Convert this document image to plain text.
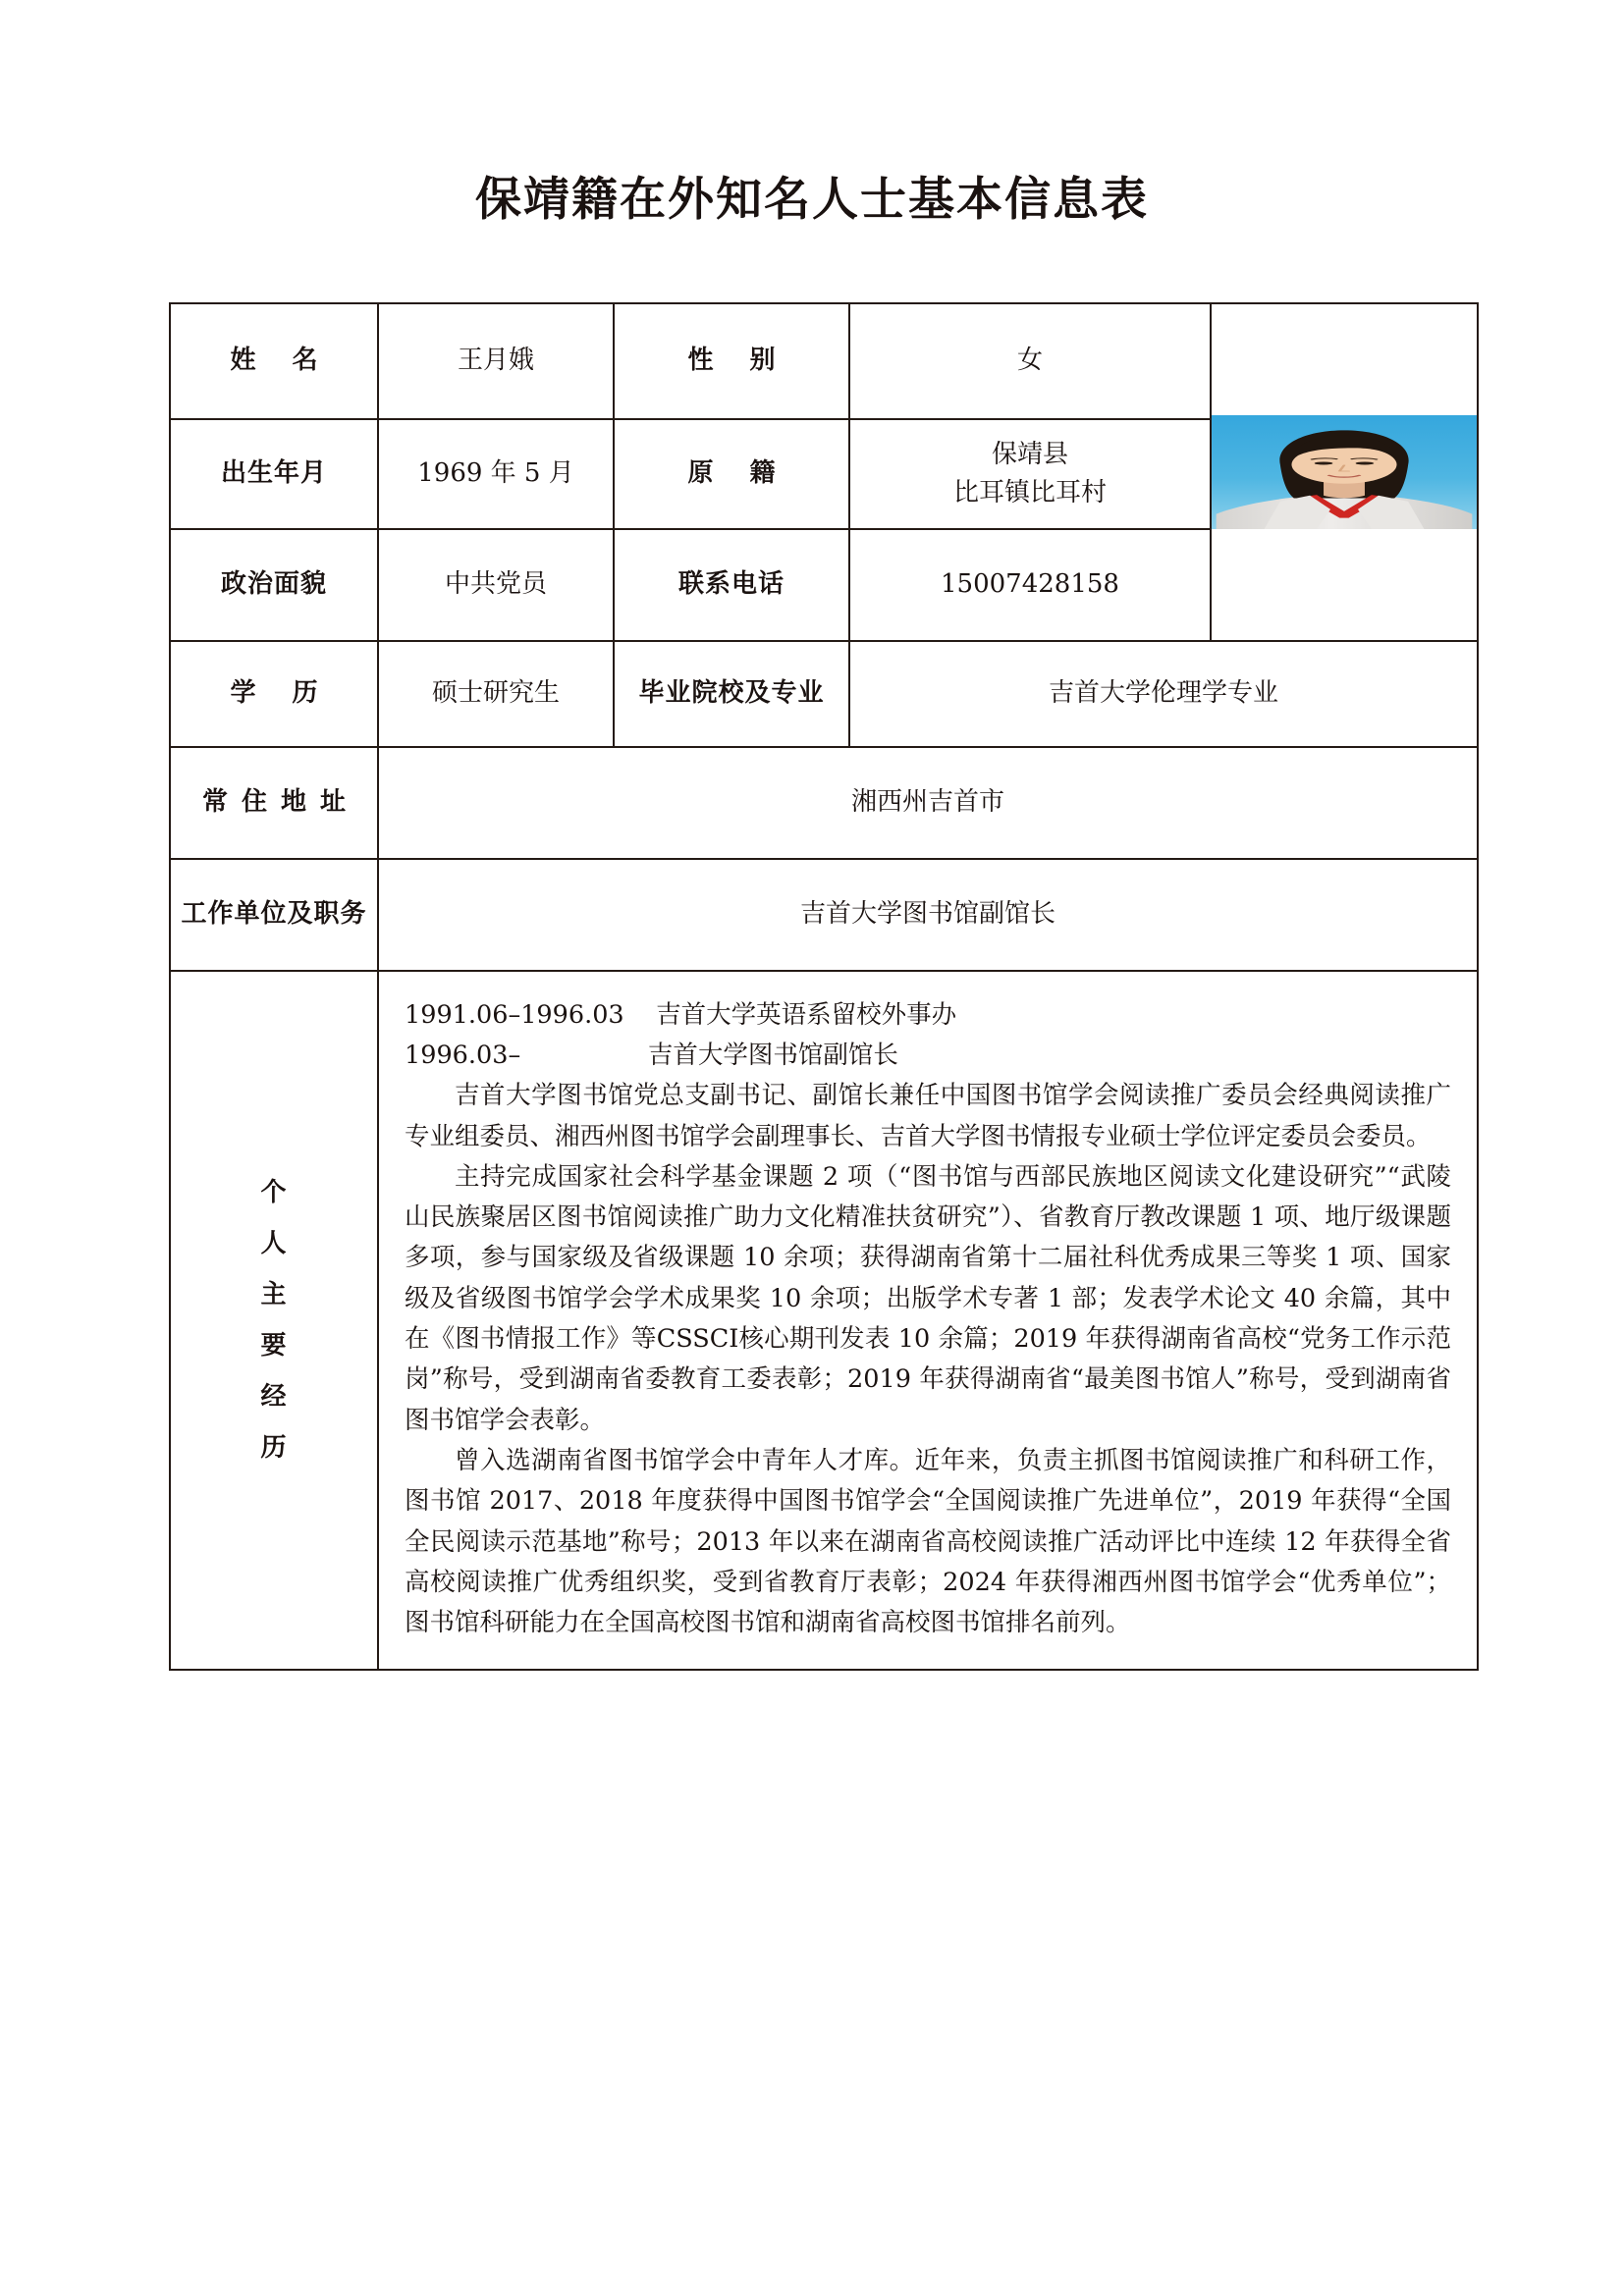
保靖籍在外知名人士基本信息表
姓 名	王月娥	性 别	女	

出生年月	1969 年 5 月	原 籍	保靖县
比耳镇比耳村	

政治面貌	中共党员	联系电话	15007428158	
学 历	硕士研究生	毕业院校及专业	吉首大学伦理学专业	
常住地址	湘西州吉首市			
工作单位及职务	吉首大学图书馆副馆长			

个
人
主
要
经
历

1991.06–1996.03    吉首大学英语系留校外事办
1996.03–                吉首大学图书馆副馆长

吉首大学图书馆党总支副书记、副馆长兼任中国图书馆学会阅读推广委员会经典阅读推广专业组委员、湘西州图书馆学会副理事长、吉首大学图书情报专业硕士学位评定委员会委员。

主持完成国家社会科学基金课题 2 项（“图书馆与西部民族地区阅读文化建设研究”“武陵山民族聚居区图书馆阅读推广助力文化精准扶贫研究”）、省教育厅教改课题 1 项、地厅级课题多项，参与国家级及省级课题 10 余项；获得湖南省第十二届社科优秀成果三等奖 1 项、国家级及省级图书馆学会学术成果奖 10 余项；出版学术专著 1 部；发表学术论文 40 余篇，其中在《图书情报工作》等CSSCI核心期刊发表 10 余篇；2019 年获得湖南省高校“党务工作示范岗”称号，受到湖南省委教育工委表彰；2019 年获得湖南省“最美图书馆人”称号，受到湖南省图书馆学会表彰。

曾入选湖南省图书馆学会中青年人才库。近年来，负责主抓图书馆阅读推广和科研工作，图书馆 2017、2018 年度获得中国图书馆学会“全国阅读推广先进单位”，2019 年获得“全国全民阅读示范基地”称号；2013 年以来在湖南省高校阅读推广活动评比中连续 12 年获得全省高校阅读推广优秀组织奖，受到省教育厅表彰；2024 年获得湘西州图书馆学会“优秀单位”；图书馆科研能力在全国高校图书馆和湖南省高校图书馆排名前列。
